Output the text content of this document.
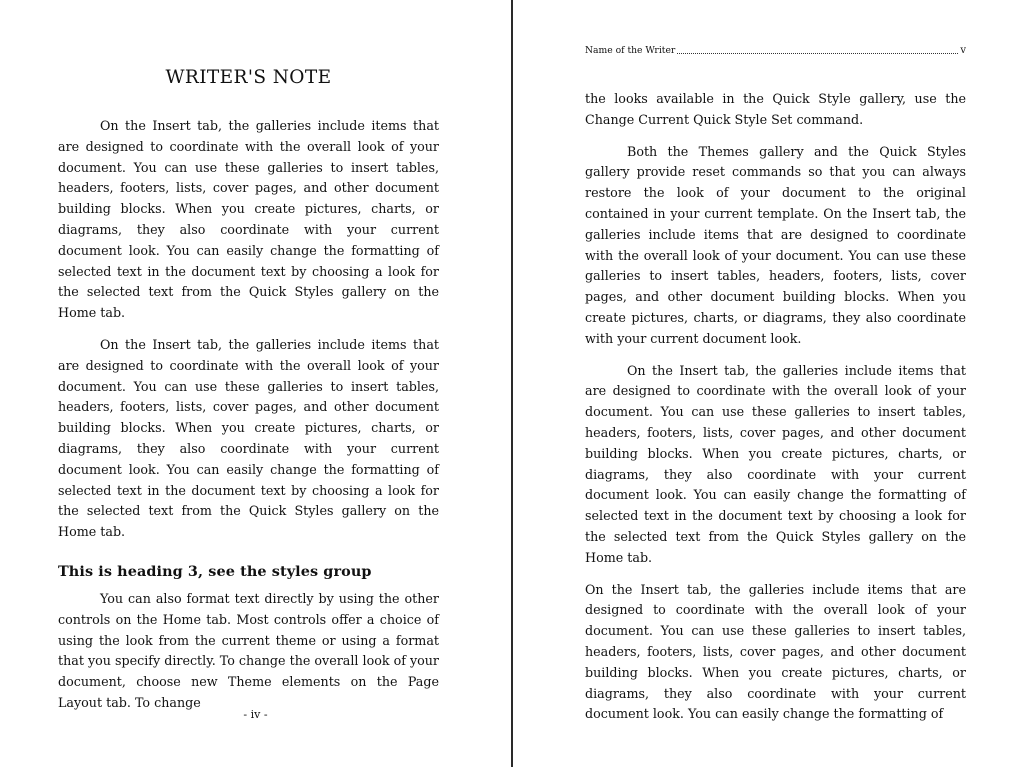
WRITER'S NOTE

On the Insert tab, the galleries include items that are designed to coordinate with the overall look of your document. You can use these galleries to insert tables, headers, footers, lists, cover pages, and other document building blocks. When you create pictures, charts, or diagrams, they also coordinate with your current document look. You can easily change the formatting of selected text in the document text by choosing a look for the selected text from the Quick Styles gallery on the Home tab.

On the Insert tab, the galleries include items that are designed to coordinate with the overall look of your document. You can use these galleries to insert tables, headers, footers, lists, cover pages, and other document building blocks. When you create pictures, charts, or diagrams, they also coordinate with your current document look. You can easily change the formatting of selected text in the document text by choosing a look for the selected text from the Quick Styles gallery on the Home tab.

This is heading 3, see the styles group

You can also format text directly by using the other controls on the Home tab. Most controls offer a choice of using the look from the current theme or using a format that you specify directly. To change the overall look of your document, choose new Theme elements on the Page Layout tab. To change

- iv -
Name of the Writer	v

the looks available in the Quick Style gallery, use the Change Current Quick Style Set command.

Both the Themes gallery and the Quick Styles gallery provide reset commands so that you can always restore the look of your document to the original contained in your current template. On the Insert tab, the galleries include items that are designed to coordinate with the overall look of your document. You can use these galleries to insert tables, headers, footers, lists, cover pages, and other document building blocks. When you create pictures, charts, or diagrams, they also coordinate with your current document look.

On the Insert tab, the galleries include items that are designed to coordinate with the overall look of your document. You can use these galleries to insert tables, headers, footers, lists, cover pages, and other document building blocks. When you create pictures, charts, or diagrams, they also coordinate with your current document look. You can easily change the formatting of selected text in the document text by choosing a look for the selected text from the Quick Styles gallery on the Home tab.

On the Insert tab, the galleries include items that are designed to coordinate with the overall look of your document. You can use these galleries to insert tables, headers, footers, lists, cover pages, and other document building blocks. When you create pictures, charts, or diagrams, they also coordinate with your current document look. You can easily change the formatting of
